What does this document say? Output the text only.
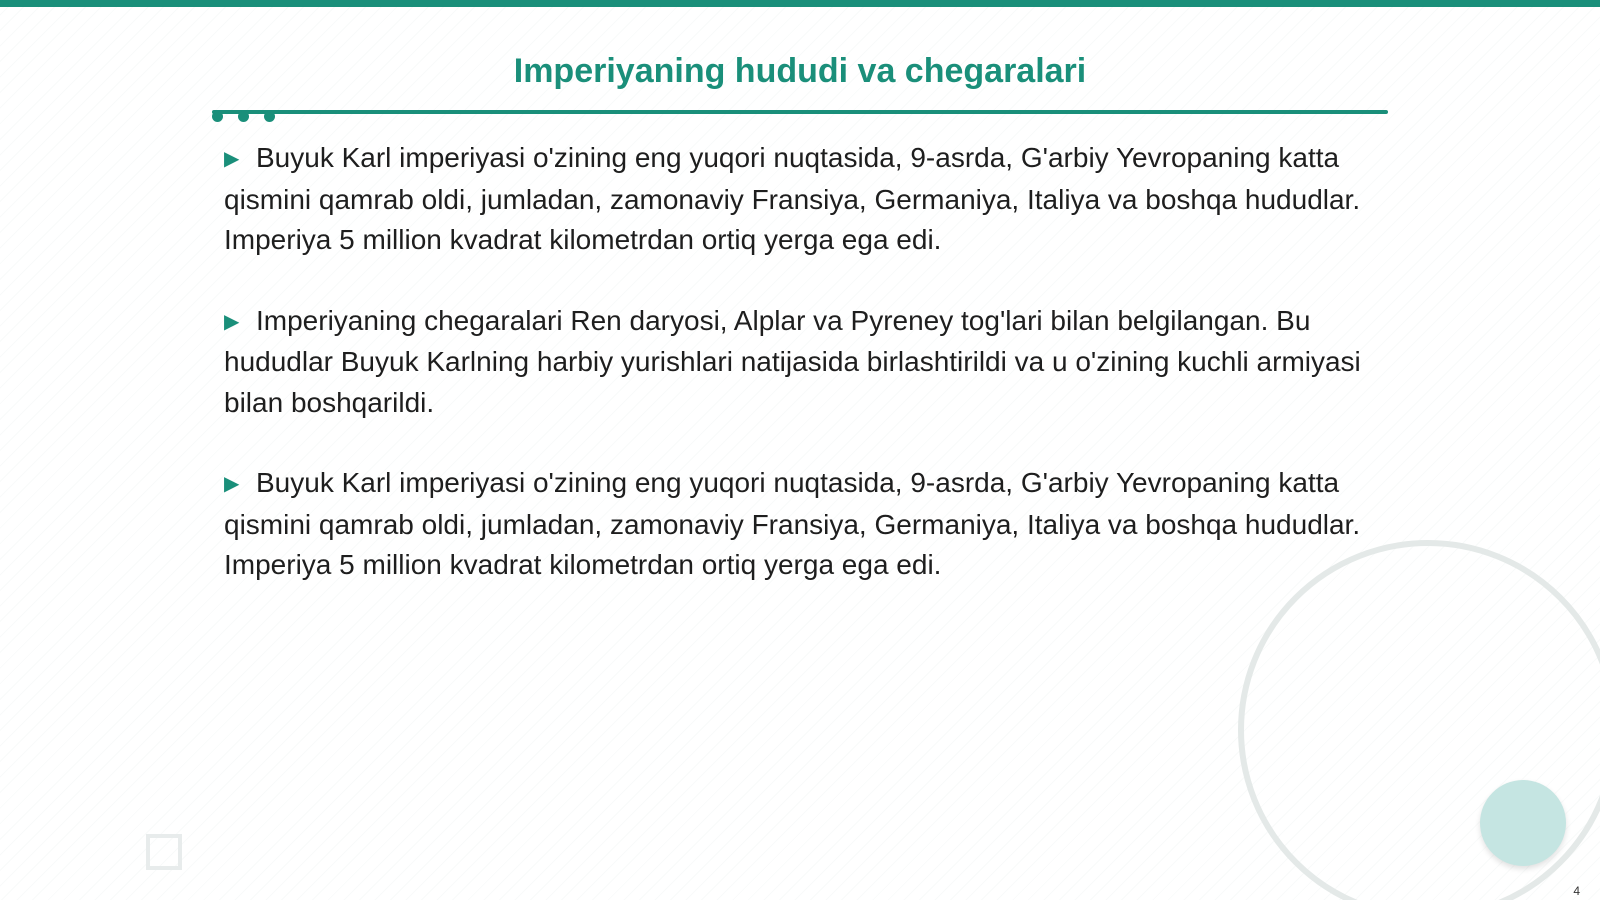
Imperiyaning hududi va chegaralari
▶ Buyuk Karl imperiyasi o'zining eng yuqori nuqtasida, 9-asrda, G'arbiy Yevropaning katta qismini qamrab oldi, jumladan, zamonaviy Fransiya, Germaniya, Italiya va boshqa hududlar. Imperiya 5 million kvadrat kilometrdan ortiq yerga ega edi.
▶ Imperiyaning chegaralari Ren daryosi, Alplar va Pyreney tog'lari bilan belgilangan. Bu hududlar Buyuk Karlning harbiy yurishlari natijasida birlashtirildi va u o'zining kuchli armiyasi bilan boshqarildi.
▶ Buyuk Karl imperiyasi o'zining eng yuqori nuqtasida, 9-asrda, G'arbiy Yevropaning katta qismini qamrab oldi, jumladan, zamonaviy Fransiya, Germaniya, Italiya va boshqa hududlar. Imperiya 5 million kvadrat kilometrdan ortiq yerga ega edi.
4
